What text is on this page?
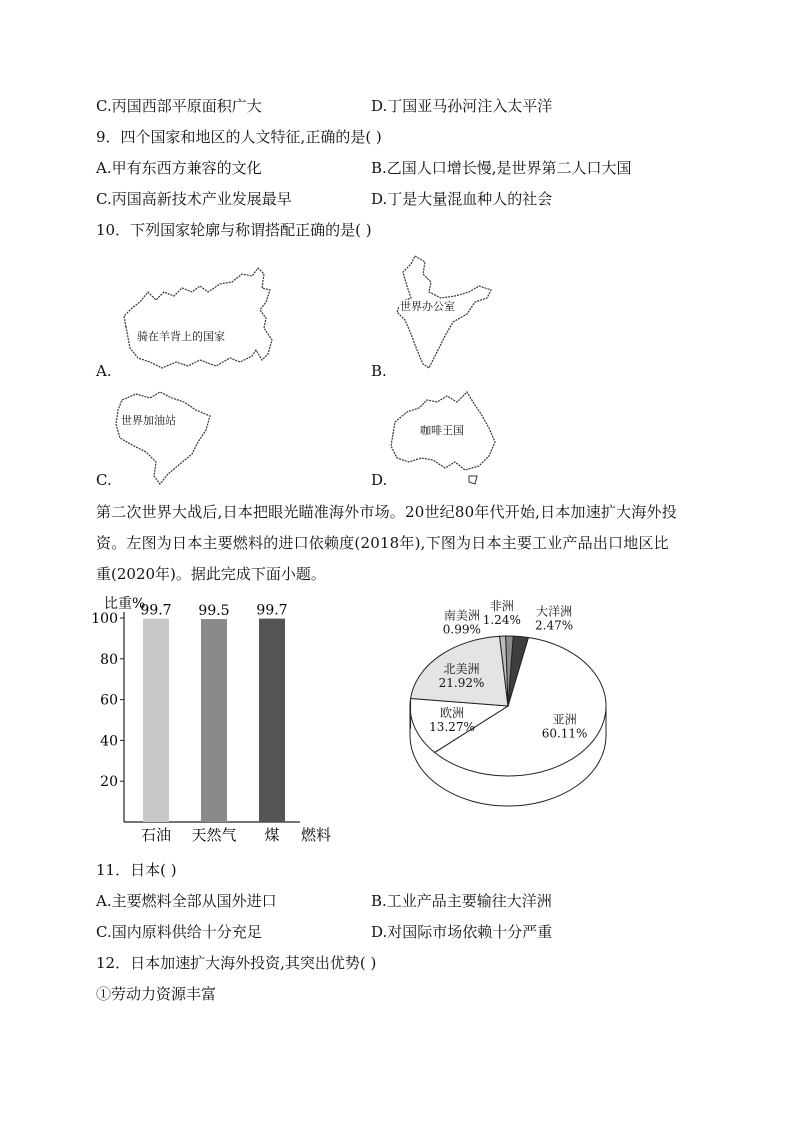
C.丙国西部平原面积广大	D.丁国亚马孙河注入太平洋
9．四个国家和地区的人文特征,正确的是( )
A.甲有东西方兼容的文化	B.乙国人口增长慢,是世界第二人口大国
C.丙国高新技术产业发展最早	D.丁是大量混血种人的社会
10．下列国家轮廓与称谓搭配正确的是( )
A.
骑在羊背上的国家
B.
世界办公室
C.
世界加油站
D.
咖啡王国
第二次世界大战后,日本把眼光瞄准海外市场。20世纪80年代开始,日本加速扩大海外投
资。左图为日本主要燃料的进口依赖度(2018年),下图为日本主要工业产品出口地区比
重(2020年)。据此完成下面小题。
比重%
20
40
60
80
100
99.7
石油
99.5
天然气
99.7
煤 燃料
亚洲
60.11%
欧洲
13.27%
北美洲
21.92%
南美洲
0.99%
非洲
1.24%
大洋洲
2.47%
11．日本( )
A.主要燃料全部从国外进口	B.工业产品主要输往大洋洲
C.国内原料供给十分充足	D.对国际市场依赖十分严重
12．日本加速扩大海外投资,其突出优势( )
①劳动力资源丰富
